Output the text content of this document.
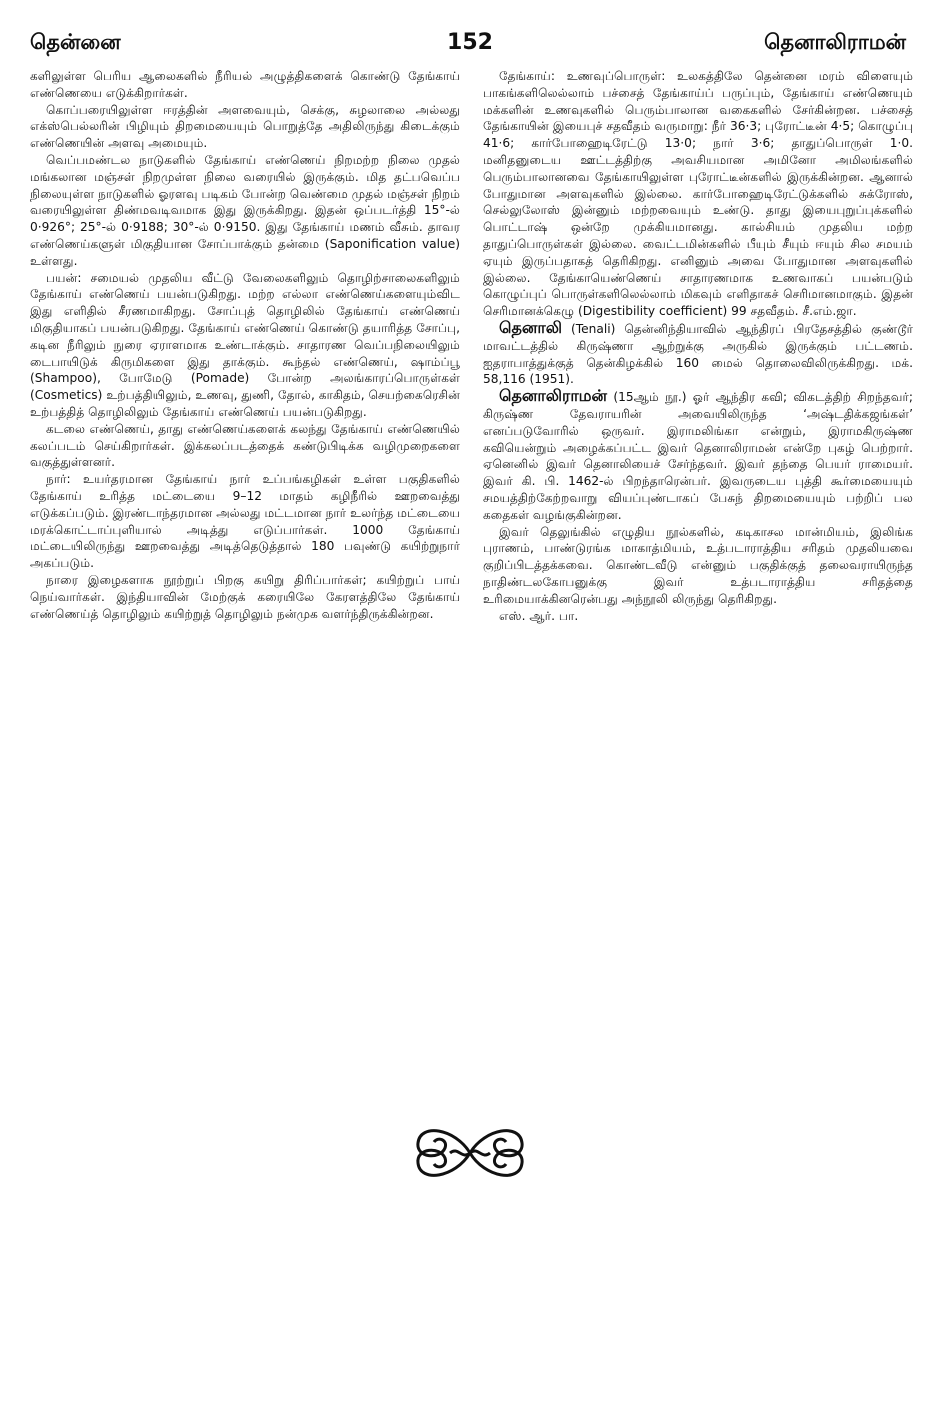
தென்னை	152	தெனாலிராமன்

களிலுள்ள பெரிய ஆலைகளில் நீரியல் அழுத்திகளைக் கொண்டு தேங்காய் எண்ணெயை எடுக்கிறார்கள்.

கொப்பரையிலுள்ள ஈரத்தின் அளவையும், செக்கு, சுழலாலை அல்லது எக்ஸ்பெல்லரின் பிழியும் திறமையையும் பொறுத்தே அதிலிருந்து கிடைக்கும் எண்ணெயின் அளவு அமையும்.

வெப்பமண்டல நாடுகளில் தேங்காய் எண்ணெய் நிறமற்ற நிலை முதல் மங்கலான மஞ்சள் நிறமுள்ள நிலை வரையில் இருக்கும். மித தட்பவெப்ப நிலையுள்ள நாடுகளில் ஓரளவு படிகம் போன்ற வெண்மை முதல் மஞ்சள் நிறம் வரையிலுள்ள திண்மவடிவமாக இது இருக்கிறது. இதன் ஒப்படர்த்தி 15°-ல் 0·926°; 25°-ல் 0·9188; 30°-ல் 0·9150. இது தேங்காய் மணம் வீசும். தாவர எண்ணெய்களுள் மிகுதியான சோப்பாக்கும் தன்மை (Saponification value) உள்ளது.

பயன்: சமையல் முதலிய வீட்டு வேலைகளிலும் தொழிற்சாலைகளிலும் தேங்காய் எண்ணெய் பயன்படுகிறது. மற்ற எல்லா எண்ணெய்களையும்விட இது எளிதில் சீரணமாகிறது. சோப்புத் தொழிலில் தேங்காய் எண்ணெய் மிகுதியாகப் பயன்படுகிறது. தேங்காய் எண்ணெய் கொண்டு தயாரித்த சோப்பு, கடின நீரிலும் நுரை ஏராளமாக உண்டாக்கும். சாதாரண வெப்பநிலையிலும் டைபாயிடுக் கிருமிகளை இது தாக்கும். கூந்தல் எண்ணெய், ஷாம்ப்பூ (Shampoo), போமேடு (Pomade) போன்ற அலங்காரப்பொருள்கள் (Cosmetics) உற்பத்தியிலும், உணவு, துணி, தோல், காகிதம், செயற்கைரெசின் உற்பத்தித் தொழிலிலும் தேங்காய் எண்ணெய் பயன்படுகிறது.

கடலை எண்ணெய், தாது எண்ணெய்களைக் கலந்து தேங்காய் எண்ணெயில் கலப்படம் செய்கிறார்கள். இக்கலப்படத்தைக் கண்டுபிடிக்க வழிமுறைகளை வகுத்துள்ளனர்.

நார்: உயர்தரமான தேங்காய் நார் உப்பங்கழிகள் உள்ள பகுதிகளில் தேங்காய் உரித்த மட்டையை 9–12 மாதம் கழிநீரில் ஊறவைத்து எடுக்கப்படும். இரண்டாந்தரமான அல்லது மட்டமான நார் உலர்ந்த மட்டையை மரக்கொட்டாப்புளியால் அடித்து எடுப்பார்கள். 1000 தேங்காய் மட்டையிலிருந்து ஊறவைத்து அடித்தெடுத்தால் 180 பவுண்டு கயிற்றுநார் அகப்படும்.

நாரை இழைகளாக நூற்றுப் பிறகு கயிறு திரிப்பார்கள்; கயிற்றுப் பாய் நெய்வார்கள். இந்தியாவின் மேற்குக் கரையிலே கேரளத்திலே தேங்காய் எண்ணெய்த் தொழிலும் கயிற்றுத் தொழிலும் நன்முக வளர்ந்திருக்கின்றன.

தேங்காய்: உணவுப்பொருள்: உலகத்திலே தென்னை மரம் விளையும் பாகங்களிலெல்லாம் பச்சைத் தேங்காய்ப் பருப்பும், தேங்காய் எண்ணெயும் மக்களின் உணவுகளில் பெரும்பாலான வகைகளில் சேர்கின்றன. பச்சைத் தேங்காயின் இயைபுச் சதவீதம் வருமாறு: நீர் 36·3; புரோட்டீன் 4·5; கொழுப்பு 41·6; கார்போஹைடிரேட்டு 13·0; நார் 3·6; தாதுப்பொருள் 1·0. மனிதனுடைய ஊட்டத்திற்கு அவசியமான அமினோ அமிலங்களில் பெரும்பாலானவை தேங்காயிலுள்ள புரோட்டீன்களில் இருக்கின்றன. ஆனால் போதுமான அளவுகளில் இல்லை. கார்போஹைடிரேட்டுக்களில் சுக்ரோஸ், செல்லுலோஸ் இன்னும் மற்றவையும் உண்டு. தாது இயைபுறுப்புக்களில் பொட்டாஷ் ஒன்றே முக்கியமானது. கால்சியம் முதலிய மற்ற தாதுப்பொருள்கள் இல்லை. வைட்டமின்களில் பீயும் சீயும் ஈயும் சில சமயம் ஏயும் இருப்பதாகத் தெரிகிறது. எனினும் அவை போதுமான அளவுகளில் இல்லை. தேங்காயெண்ணெய் சாதாரணமாக உணவாகப் பயன்படும் கொழுப்புப் பொருள்களிலெல்லாம் மிகவும் எளிதாகச் செரிமானமாகும். இதன் செரிமானக்கெழு (Digestibility coefficient) 99 சதவீதம். சீ.எம்.ஜா.

தெனாலி (Tenali) தென்னிந்தியாவில் ஆந்திரப் பிரதேசத்தில் குண்டூர் மாவட்டத்தில் கிருஷ்ணா ஆற்றுக்கு அருகில் இருக்கும் பட்டணம். ஐதராபாத்துக்குத் தென்கிழக்கில் 160 மைல் தொலைவிலிருக்கிறது. மக். 58,116 (1951).

தெனாலிராமன் (15ஆம் நூ.) ஓர் ஆந்திர கவி; விகடத்திற் சிறந்தவர்; கிருஷ்ண தேவராயரின் அவையிலிருந்த ‘அஷ்டதிக்கஜங்கள்’ எனப்படுவோரில் ஒருவர். இராமலிங்கா என்றும், இராமகிருஷ்ண கவியென்றும் அழைக்கப்பட்ட இவர் தெனாலிராமன் என்றே புகழ் பெற்றார். ஏனெனில் இவர் தெனாலியைச் சேர்ந்தவர். இவர் தந்தை பெயர் ராமையர். இவர் கி. பி. 1462-ல் பிறந்தாரென்பர். இவருடைய புத்தி கூர்மையையும் சமயத்திற்கேற்றவாறு வியப்புண்டாகப் பேசுந் திறமையையும் பற்றிப் பல கதைகள் வழங்குகின்றன.

இவர் தெலுங்கில் எழுதிய நூல்களில், கடிகாசல மான்மியம், இலிங்க புராணம், பாண்டுரங்க மாகாத்மியம், உத்படாராத்திய சரிதம் முதலியவை குறிப்பிடத்தக்கவை. கொண்டவீடு என்னும் பகுதிக்குத் தலைவராயிருந்த நாதிண்டலகோபனுக்கு இவர் உத்படாராத்திய சரிதத்தை உரிமையாக்கினரென்பது அந்நூலி லிருந்து தெரிகிறது.

எஸ். ஆர். பா.
